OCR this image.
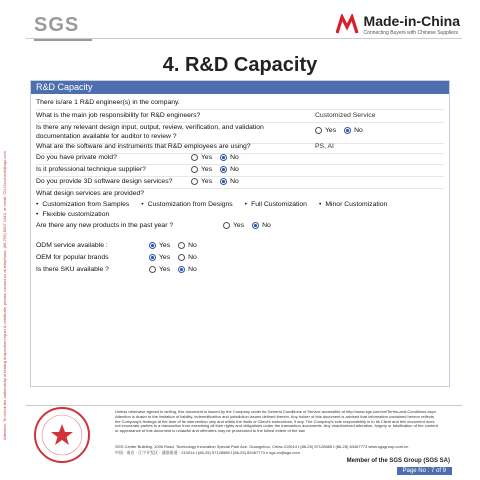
SGS	Made-in-China
Connecting Buyers with Chinese Suppliers
4. R&D Capacity
Attention: To check the authenticity of testing /inspection report & certificate, please contact us at telephone: (86-755) 8307 1443, or email: CN.Doccheck@sgs.com
R&D Capacity
There is/are 1 R&D engineer(s) in the company.
What is the main job responsibility for R&D engineers?	Customized Service
Is there any relevant design input, output, review, verification, and validation documentation available for auditor to review ?
Yes	No
What are the software and instruments that R&D employees are using?	PS, AI
Do you have private mold?	Yes	No
Is it professional technique supplier?	Yes	No
Do you provide 3D software design services?	Yes	No
What design services are provided?
• Customization from Samples	• Customization from Designs	• Full Customization	• Minor Customization
• Flexible customization
Are there any new products in the past year ?	Yes	No
ODM service available :	Yes	No
OEM for popular brands	Yes	No
Is there SKU available ?	Yes	No
Unless otherwise agreed in writing, this document is issued by the Company under its General Conditions of Service accessible at http://www.sgs.com/en/Terms-and-Conditions.aspx. Attention is drawn to the limitation of liability, indemnification and jurisdiction issues defined therein. Any holder of this document is advised that information contained hereon reflects the Company's findings at the time of its intervention only and within the limits of Client's instructions, if any. The Company's sole responsibility is to its Client and this document does not exonerate parties to a transaction from exercising all their rights and obligations under the transaction documents. Any unauthorized alteration, forgery or falsification of the content or appearance of this document is unlawful and offenders may be prosecuted to the fullest extent of the law.
SGS Center Building, 1006 Road, Technology Innovation Special Park Ave. Guangzhou, China 210014 t (86-25) 57128585 f (86-25) 83467773 www.sgsgroup.com.cn
中国 · 南京 · 江宁开发区 · 通淮街道 · 210014 t (86-25) 57128585 f (86-25) 83467773 e sgs.cn@sgs.com
Member of the SGS Group (SGS SA)
Page No : 7 of 9
